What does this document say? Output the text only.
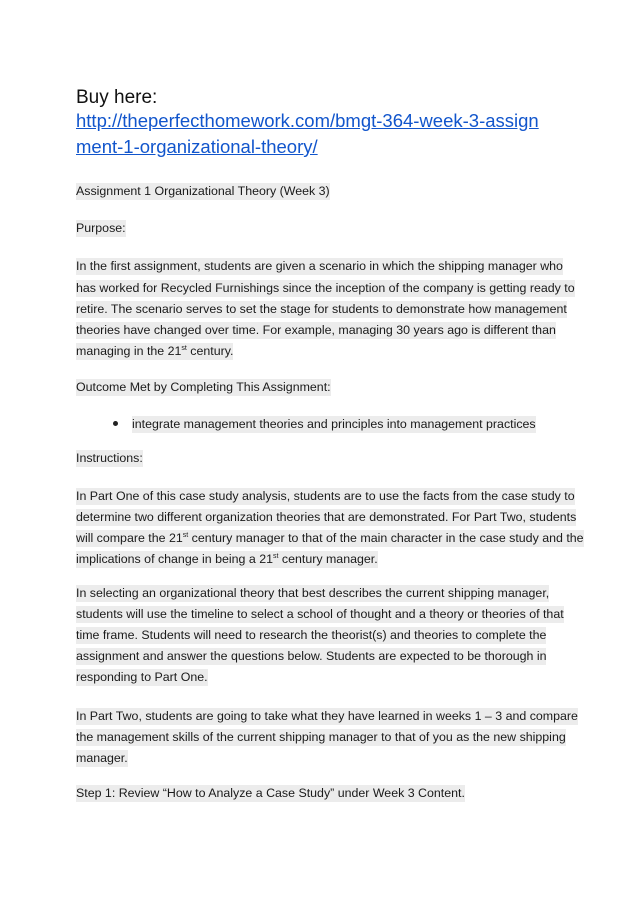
Buy here:
http://theperfecthomework.com/bmgt-364-week-3-assign
ment-1-organizational-theory/
Assignment 1 Organizational Theory (Week 3)
Purpose:
In the first assignment, students are given a scenario in which the shipping manager who
has worked for Recycled Furnishings since the inception of the company is getting ready to
retire. The scenario serves to set the stage for students to demonstrate how management
theories have changed over time. For example, managing 30 years ago is different than
managing in the 21st century.
Outcome Met by Completing This Assignment:
integrate management theories and principles into management practices
Instructions:
In Part One of this case study analysis, students are to use the facts from the case study to
determine two different organization theories that are demonstrated. For Part Two, students
will compare the 21st century manager to that of the main character in the case study and the
implications of change in being a 21st century manager.
In selecting an organizational theory that best describes the current shipping manager,
students will use the timeline to select a school of thought and a theory or theories of that
time frame. Students will need to research the theorist(s) and theories to complete the
assignment and answer the questions below. Students are expected to be thorough in
responding to Part One.
In Part Two, students are going to take what they have learned in weeks 1 – 3 and compare
the management skills of the current shipping manager to that of you as the new shipping
manager.
Step 1: Review “How to Analyze a Case Study” under Week 3 Content.
